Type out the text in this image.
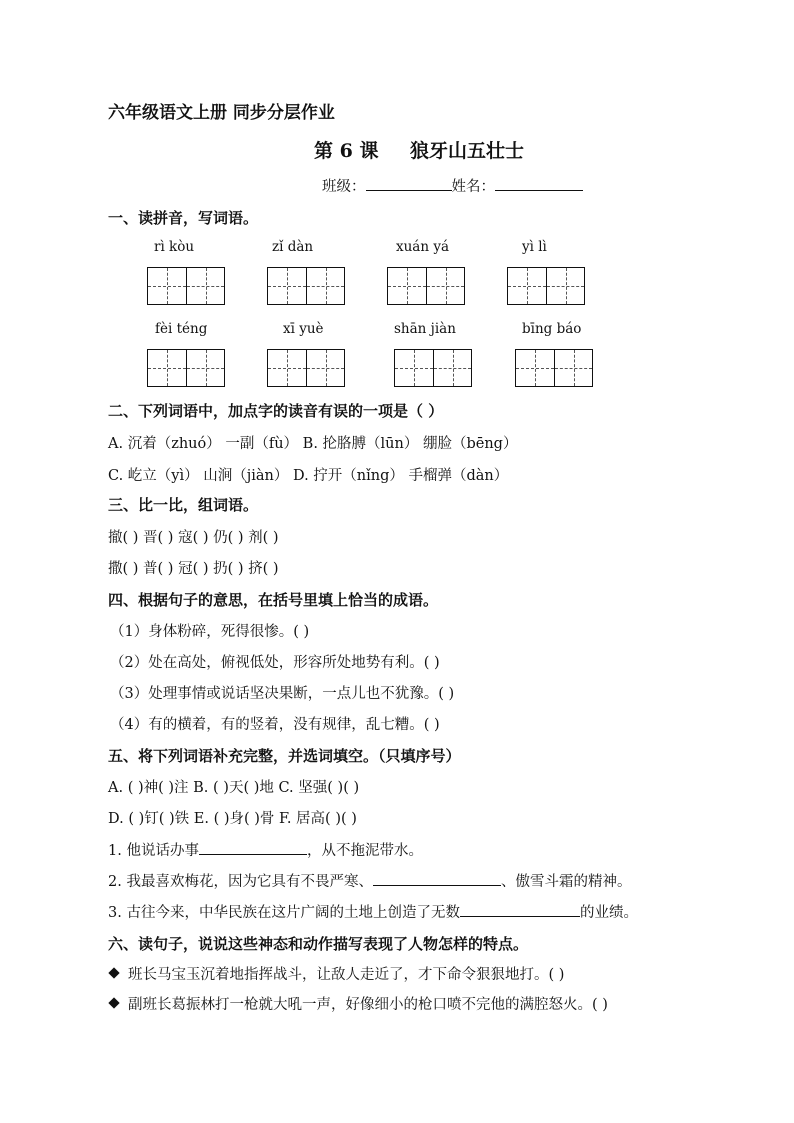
六年级语文上册 同步分层作业
第 6 课 狼牙山五壮士
班级：	姓名：
一、读拼音，写词语。
rì kòu	zǐ dàn	xuán yá	yì lì
fèi téng	xī yuè	shān jiàn	bīng báo
二、下列词语中，加点字的读音有误的一项是（ ）
A. 沉着（zhuó） 一副（fù） B. 抡胳膊（lūn） 绷脸（bēng）
C. 屹立（yì） 山涧（jiàn） D. 拧开（nǐng） 手榴弹（dàn）
三、比一比，组词语。
撤( ) 晋( ) 寇( ) 仍( ) 剂( )
撒( ) 普( ) 冠( ) 扔( ) 挤( )
四、根据句子的意思，在括号里填上恰当的成语。
（1）身体粉碎，死得很惨。( )
（2）处在高处，俯视低处，形容所处地势有利。( )
（3）处理事情或说话坚决果断，一点儿也不犹豫。( )
（4）有的横着，有的竖着，没有规律，乱七糟。( )
五、将下列词语补充完整，并选词填空。（只填序号）
A. ( )神( )注 B. ( )天( )地 C. 坚强( )( )
D. ( )钉( )铁 E. ( )身( )骨 F. 居高( )( )
1. 他说话办事	，从不拖泥带水。
2. 我最喜欢梅花，因为它具有不畏严寒、	、傲雪斗霜的精神。
3. 古往今来，中华民族在这片广阔的土地上创造了无数	的业绩。
六、读句子，说说这些神态和动作描写表现了人物怎样的特点。
班长马宝玉沉着地指挥战斗，让敌人走近了，才下命令狠狠地打。( )
副班长葛振林打一枪就大吼一声，好像细小的枪口喷不完他的满腔怒火。( )
